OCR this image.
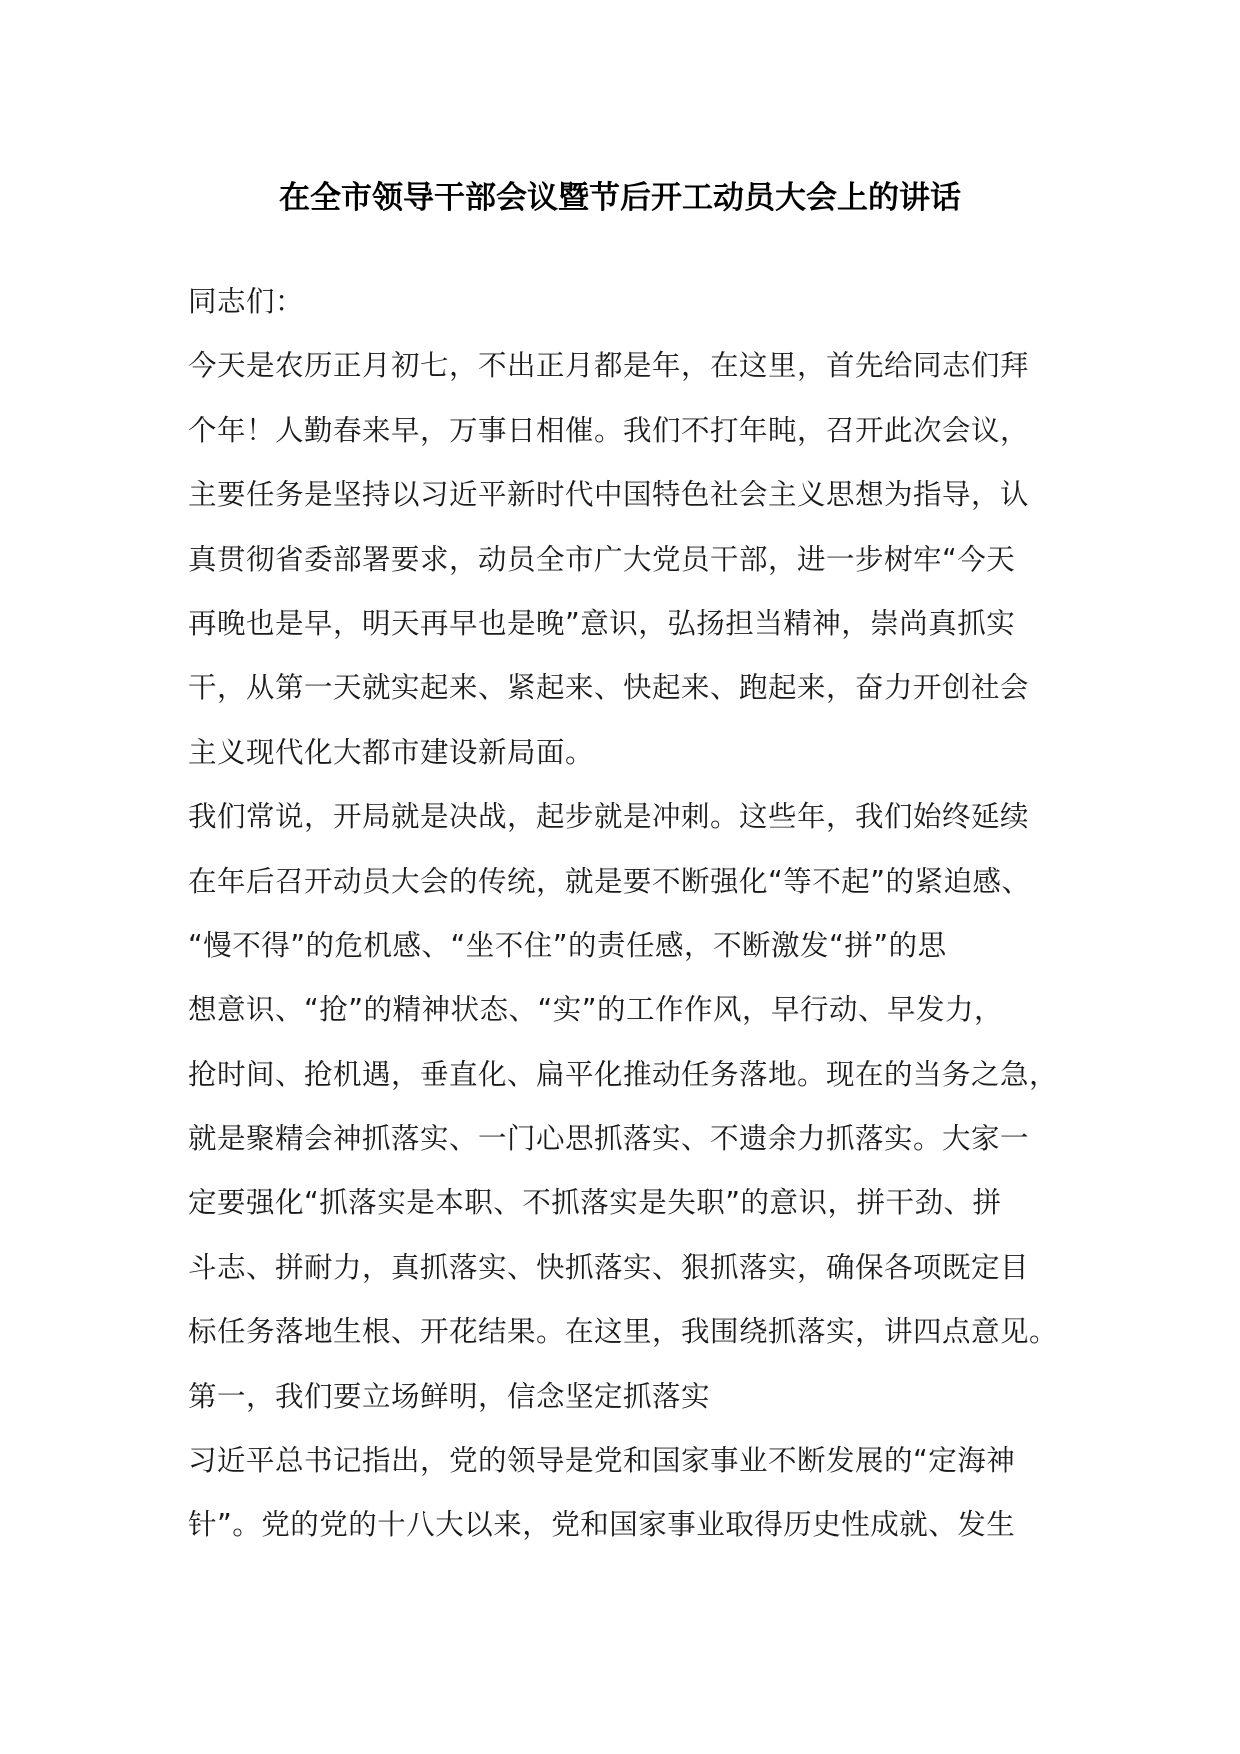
在全市领导干部会议暨节后开工动员大会上的讲话
同志们：
今天是农历正月初七，不出正月都是年，在这里，首先给同志们拜
个年！人勤春来早，万事日相催。我们不打年盹，召开此次会议，
主要任务是坚持以习近平新时代中国特色社会主义思想为指导，认
真贯彻省委部署要求，动员全市广大党员干部，进一步树牢“今天
再晚也是早，明天再早也是晚”意识，弘扬担当精神，崇尚真抓实
干，从第一天就实起来、紧起来、快起来、跑起来，奋力开创社会
主义现代化大都市建设新局面。
我们常说，开局就是决战，起步就是冲刺。这些年，我们始终延续
在年后召开动员大会的传统，就是要不断强化“等不起”的紧迫感、
“慢不得”的危机感、“坐不住”的责任感，不断激发“拼”的思
想意识、“抢”的精神状态、“实”的工作作风，早行动、早发力，
抢时间、抢机遇，垂直化、扁平化推动任务落地。现在的当务之急，
就是聚精会神抓落实、一门心思抓落实、不遗余力抓落实。大家一
定要强化“抓落实是本职、不抓落实是失职”的意识，拼干劲、拼
斗志、拼耐力，真抓落实、快抓落实、狠抓落实，确保各项既定目
标任务落地生根、开花结果。在这里，我围绕抓落实，讲四点意见。
第一，我们要立场鲜明，信念坚定抓落实
习近平总书记指出，党的领导是党和国家事业不断发展的“定海神
针”。党的党的十八大以来，党和国家事业取得历史性成就、发生
